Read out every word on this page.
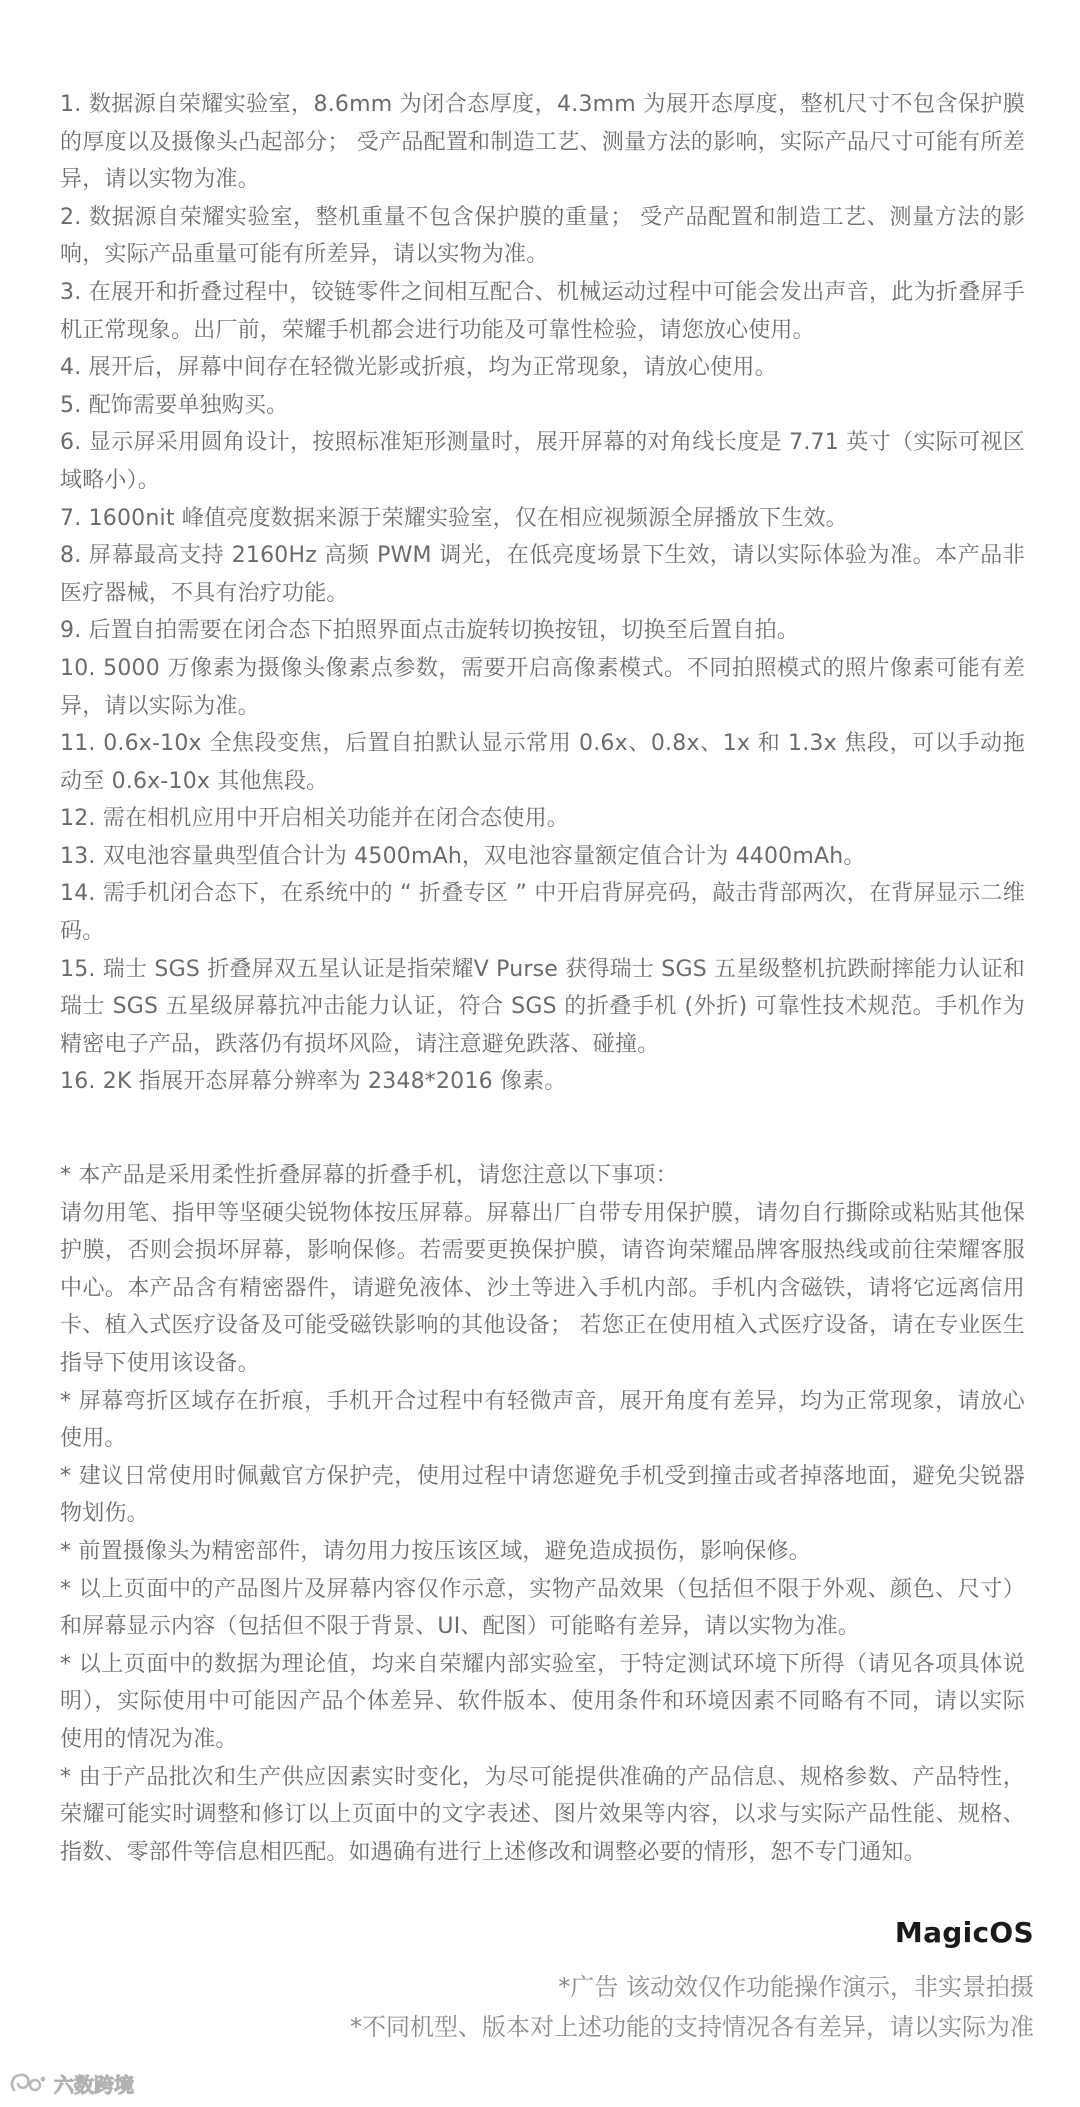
1. 数据源自荣耀实验室，8.6mm 为闭合态厚度，4.3mm 为展开态厚度，整机尺寸不包含保护膜的厚度以及摄像头凸起部分； 受产品配置和制造工艺、测量方法的影响，实际产品尺寸可能有所差异，请以实物为准。

2. 数据源自荣耀实验室，整机重量不包含保护膜的重量； 受产品配置和制造工艺、测量方法的影响，实际产品重量可能有所差异，请以实物为准。

3. 在展开和折叠过程中，铰链零件之间相互配合、机械运动过程中可能会发出声音，此为折叠屏手机正常现象。出厂前，荣耀手机都会进行功能及可靠性检验，请您放心使用。

4. 展开后，屏幕中间存在轻微光影或折痕，均为正常现象，请放心使用。

5. 配饰需要单独购买。

6. 显示屏采用圆角设计，按照标准矩形测量时，展开屏幕的对角线长度是 7.71 英寸（实际可视区域略小）。

7. 1600nit 峰值亮度数据来源于荣耀实验室，仅在相应视频源全屏播放下生效。

8. 屏幕最高支持 2160Hz 高频 PWM 调光，在低亮度场景下生效，请以实际体验为准。本产品非医疗器械，不具有治疗功能。

9. 后置自拍需要在闭合态下拍照界面点击旋转切换按钮，切换至后置自拍。

10. 5000 万像素为摄像头像素点参数，需要开启高像素模式。不同拍照模式的照片像素可能有差异，请以实际为准。

11. 0.6x-10x 全焦段变焦，后置自拍默认显示常用 0.6x、0.8x、1x 和 1.3x 焦段，可以手动拖动至 0.6x-10x 其他焦段。

12. 需在相机应用中开启相关功能并在闭合态使用。

13. 双电池容量典型值合计为 4500mAh，双电池容量额定值合计为 4400mAh。

14. 需手机闭合态下，在系统中的 “ 折叠专区 ” 中开启背屏亮码，敲击背部两次，在背屏显示二维码。

15. 瑞士 SGS 折叠屏双五星认证是指荣耀V Purse 获得瑞士 SGS 五星级整机抗跌耐摔能力认证和瑞士 SGS 五星级屏幕抗冲击能力认证，符合 SGS 的折叠手机 (外折) 可靠性技术规范。手机作为精密电子产品，跌落仍有损坏风险，请注意避免跌落、碰撞。

16. 2K 指展开态屏幕分辨率为 2348*2016 像素。

* 本产品是采用柔性折叠屏幕的折叠手机，请您注意以下事项：

请勿用笔、指甲等坚硬尖锐物体按压屏幕。屏幕出厂自带专用保护膜，请勿自行撕除或粘贴其他保护膜，否则会损坏屏幕，影响保修。若需要更换保护膜，请咨询荣耀品牌客服热线或前往荣耀客服中心。本产品含有精密器件，请避免液体、沙土等进入手机内部。手机内含磁铁，请将它远离信用卡、植入式医疗设备及可能受磁铁影响的其他设备； 若您正在使用植入式医疗设备，请在专业医生指导下使用该设备。

* 屏幕弯折区域存在折痕，手机开合过程中有轻微声音，展开角度有差异，均为正常现象，请放心使用。

* 建议日常使用时佩戴官方保护壳，使用过程中请您避免手机受到撞击或者掉落地面，避免尖锐器物划伤。

* 前置摄像头为精密部件，请勿用力按压该区域，避免造成损伤，影响保修。

* 以上页面中的产品图片及屏幕内容仅作示意，实物产品效果（包括但不限于外观、颜色、尺寸）和屏幕显示内容（包括但不限于背景、UI、配图）可能略有差异，请以实物为准。

* 以上页面中的数据为理论值，均来自荣耀内部实验室，于特定测试环境下所得（请见各项具体说明），实际使用中可能因产品个体差异、软件版本、使用条件和环境因素不同略有不同，请以实际使用的情况为准。

* 由于产品批次和生产供应因素实时变化，为尽可能提供准确的产品信息、规格参数、产品特性，荣耀可能实时调整和修订以上页面中的文字表述、图片效果等内容，以求与实际产品性能、规格、指数、零部件等信息相匹配。如遇确有进行上述修改和调整必要的情形，恕不专门通知。

MagicOS

*广告 该动效仅作功能操作演示，非实景拍摄

*不同机型、版本对上述功能的支持情况各有差异，请以实际为准

六数跨境
